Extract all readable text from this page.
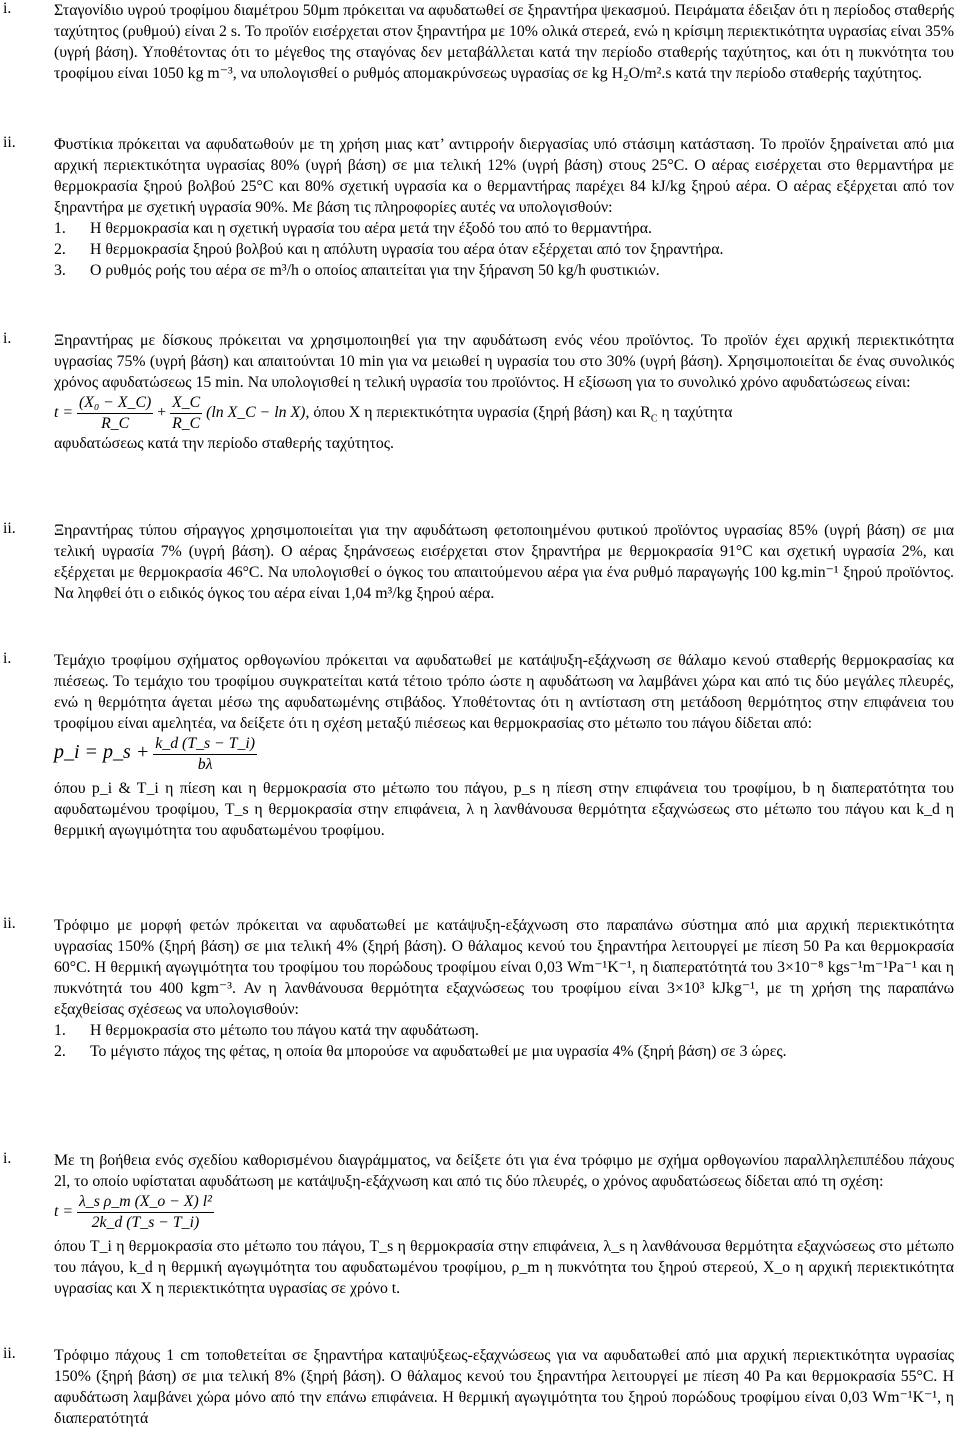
i.	Σταγονίδιο υγρού τροφίμου διαμέτρου 50μm πρόκειται να αφυδατωθεί σε ξηραντήρα ψεκασμού. Πειράματα έδειξαν ότι η περίοδος σταθερής ταχύτητος (ρυθμού) είναι 2 s. Το προϊόν εισέρχεται στον ξηραντήρα με 10% ολικά στερεά, ενώ η κρίσιμη περιεκτικότητα υγρασίας είναι 35% (υγρή βάση). Υποθέτοντας ότι το μέγεθος της σταγόνας δεν μεταβάλλεται κατά την περίοδο σταθερής ταχύτητος, και ότι η πυκνότητα του τροφίμου είναι 1050 kg m⁻³, να υπολογισθεί ο ρυθμός απομακρύνσεως υγρασίας σε kg H₂O/m².s κατά την περίοδο σταθερής ταχύτητος.

ii. Φυστίκια πρόκειται να αφυδατωθούν με τη χρήση μιας κατ’ αντιρροήν διεργασίας υπό στάσιμη κατάσταση. Το προϊόν ξηραίνεται από μια αρχική περιεκτικότητα υγρασίας 80% (υγρή βάση) σε μια τελική 12% (υγρή βάση) στους 25°C. Ο αέρας εισέρχεται στο θερμαντήρα με θερμοκρασία ξηρού βολβού 25°C και 80% σχετική υγρασία κα ο θερμαντήρας παρέχει 84 kJ/kg ξηρού αέρα. Ο αέρας εξέρχεται από τον ξηραντήρα με σχετική υγρασία 90%. Με βάση τις πληροφορίες αυτές να υπολογισθούν:

1. Η θερμοκρασία και η σχετική υγρασία του αέρα μετά την έξοδό του από το θερμαντήρα.
2. Η θερμοκρασία ξηρού βολβού και η απόλυτη υγρασία του αέρα όταν εξέρχεται από τον ξηραντήρα.
3. Ο ρυθμός ροής του αέρα σε m³/h ο οποίος απαιτείται για την ξήρανση 50 kg/h φυστικιών.
i.	Ξηραντήρας με δίσκους πρόκειται να χρησιμοποιηθεί για την αφυδάτωση ενός νέου προϊόντος. Το προϊόν έχει αρχική περιεκτικότητα υγρασίας 75% (υγρή βάση) και απαιτούνται 10 min για να μειωθεί η υγρασία του στο 30% (υγρή βάση). Χρησιμοποιείται δε ένας συνολικός χρόνος αφυδατώσεως 15 min. Να υπολογισθεί η τελική υγρασία του προϊόντος. Η εξίσωση για το συνολικό χρόνο αφυδατώσεως είναι:

$t = \frac{\text{(X₀ − X\_C)}}{R\_C} + \frac{X\_C}{R\_C} (\ln$ X_C − ln X), όπου X η περιεκτικότητα υγρασία (ξηρή βάση) και $R_C$ η ταχύτητα

αφυδατώσεως κατά την περίοδο σταθερής ταχύτητος.

ii. Ξηραντήρας τύπου σήραγγος χρησιμοποιείται για την αφυδάτωση φετοποιημένου φυτικού προϊόντος υγρασίας 85% (υγρή βάση) σε μια τελική υγρασία 7% (υγρή βάση). Ο αέρας ξηράνσεως εισέρχεται στον ξηραντήρα με θερμοκρασία 91°C και σχετική υγρασία 2%, και εξέρχεται με θερμοκρασία 46°C. Να υπολογισθεί ο όγκος του απαιτούμενου αέρα για ένα ρυθμό παραγωγής 100 kg.min⁻¹ ξηρού προϊόντος. Να ληφθεί ότι ο ειδικός όγκος του αέρα είναι 1,04 m³/kg ξηρού αέρα.

i.	Τεμάχιο τροφίμου σχήματος ορθογωνίου πρόκειται να αφυδατωθεί με κατάψυξη-εξάχνωση σε θάλαμο κενού σταθερής θερμοκρασίας κα πιέσεως. Το τεμάχιο του τροφίμου συγκρατείται κατά τέτοιο τρόπο ώστε η αφυδάτωση να λαμβάνει χώρα και από τις δύο μεγάλες πλευρές, ενώ η θερμότητα άγεται μέσω της αφυδατωμένης στιβάδος. Υποθέτοντας ότι η αντίσταση στη μετάδοση θερμότητος στην επιφάνεια του τροφίμου είναι αμελητέα, να δείξετε ότι η σχέση μεταξύ πιέσεως και θερμοκρασίας στο μέτωπο του πάγου δίδεται από:

p_i = p_s + $\frac{k\_d (T\_s - T\_i)}{b\lambda}$

όπου p_i & T_i η πίεση και η θερμοκρασία στο μέτωπο του πάγου, p_s η πίεση στην επιφάνεια του τροφίμου, b η διαπερατότητα του αφυδατωμένου τροφίμου, T_s η θερμοκρασία στην επιφάνεια, λ η λανθάνουσα θερμότητα εξαχνώσεως στο μέτωπο του πάγου και k_d η θερμική αγωγιμότητα του αφυδατωμένου τροφίμου.

ii. Τρόφιμο με μορφή φετών πρόκειται να αφυδατωθεί με κατάψυξη-εξάχνωση στο παραπάνω σύστημα από μια αρχική περιεκτικότητα υγρασίας 150% (ξηρή βάση) σε μια τελική 4% (ξηρή βάση). Ο θάλαμος κενού του ξηραντήρα λειτουργεί με πίεση 50 Pa και θερμοκρασία 60°C. Η θερμική αγωγιμότητα του τροφίμου του πορώδους τροφίμου είναι 0,03 Wm⁻¹K⁻¹, η διαπερατότητά του 3×10⁻⁸ kgs⁻¹m⁻¹Pa⁻¹ και η πυκνότητά του 400 kgm⁻³. Αν η λανθάνουσα θερμότητα εξαχνώσεως του τροφίμου είναι 3×10³ kJkg⁻¹, με τη χρήση της παραπάνω εξαχθείσας σχέσεως να υπολογισθούν:

1. Η θερμοκρασία στο μέτωπο του πάγου κατά την αφυδάτωση.
2. Το μέγιστο πάχος της φέτας, η οποία θα μπορούσε να αφυδατωθεί με μια υγρασία 4% (ξηρή βάση) σε 3 ώρες.
i.	Με τη βοήθεια ενός σχεδίου καθορισμένου διαγράμματος, να δείξετε ότι για ένα τρόφιμο με σχήμα ορθογωνίου παραλληλεπιπέδου πάχους 2l, το οποίο υφίσταται αφυδάτωση με κατάψυξη-εξάχνωση και από τις δύο πλευρές, ο χρόνος αφυδατώσεως δίδεται από τη σχέση:

$t = \frac{\text{λ\_s ρ\_m (X\_o − X) l²}}{2k\_d (T\_s - T\_i)}$

όπου T_i η θερμοκρασία στο μέτωπο του πάγου, T_s η θερμοκρασία στην επιφάνεια, λ_s η λανθάνουσα θερμότητα εξαχνώσεως στο μέτωπο του πάγου, k_d η θερμική αγωγιμότητα του αφυδατωμένου τροφίμου, ρ_m η πυκνότητα του ξηρού στερεού, X_o η αρχική περιεκτικότητα υγρασίας και X η περιεκτικότητα υγρασίας σε χρόνο t.

ii. Τρόφιμο πάχους 1 cm τοποθετείται σε ξηραντήρα καταψύξεως-εξαχνώσεως για να αφυδατωθεί από μια αρχική περιεκτικότητα υγρασίας 150% (ξηρή βάση) σε μια τελική 8% (ξηρή βάση). Ο θάλαμος κενού του ξηραντήρα λειτουργεί με πίεση 40 Pa και θερμοκρασία 55°C. Η αφυδάτωση λαμβάνει χώρα μόνο από την επάνω επιφάνεια. Η θερμική αγωγιμότητα του ξηρού πορώδους τροφίμου είναι 0,03 Wm⁻¹K⁻¹, η διαπερατότητά
